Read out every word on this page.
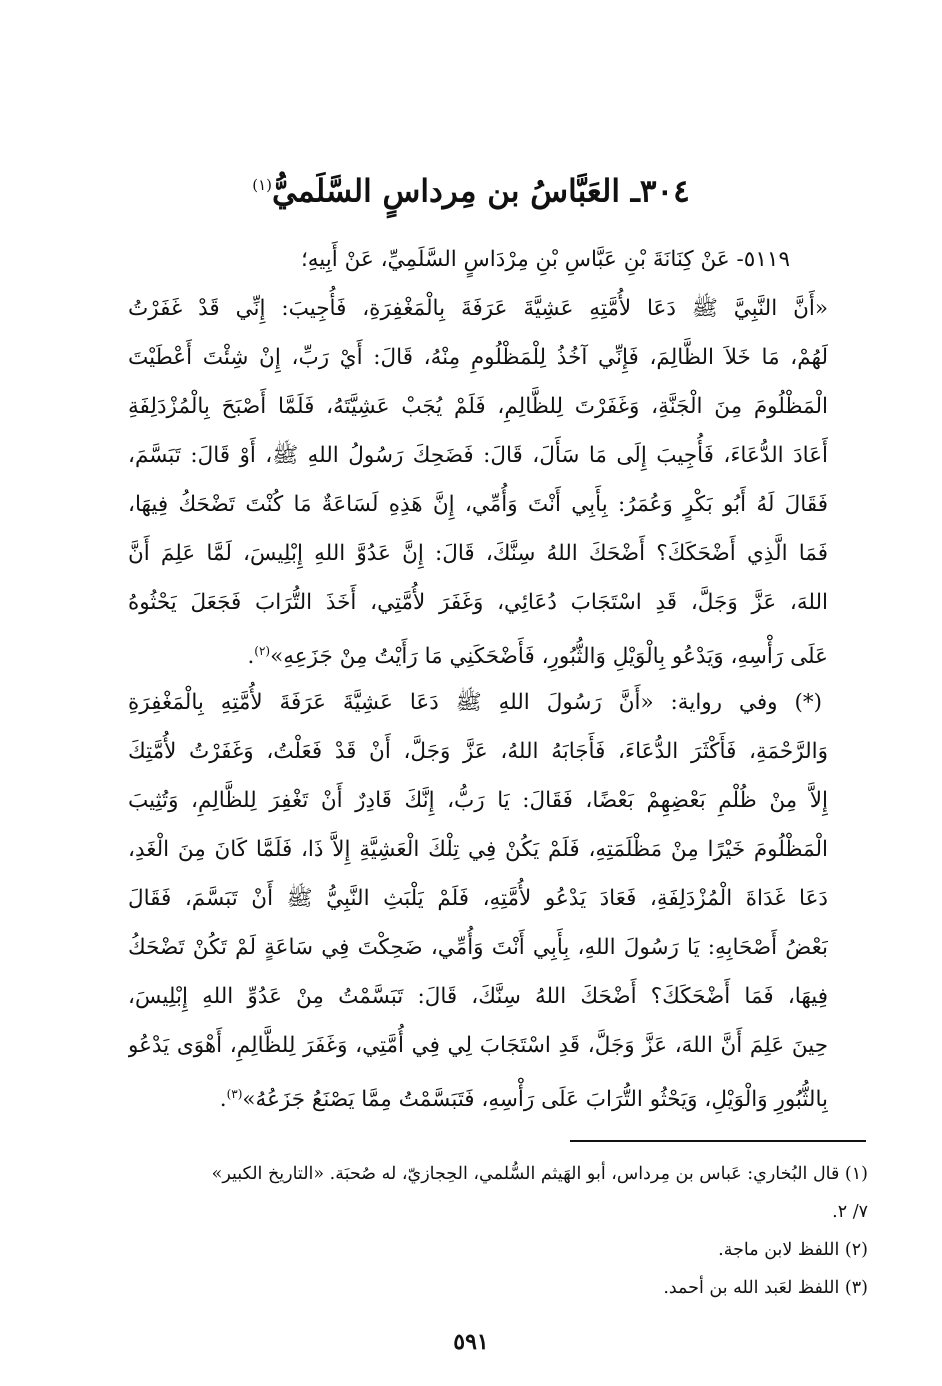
٣٠٤ـ العَبَّاسُ بن مِرداسٍ السَّلَميُّ$^{(١)}$
٥١١٩- عَنْ كِنَانَةَ بْنِ عَبَّاسِ بْنِ مِرْدَاسٍ السَّلَمِيِّ، عَنْ أَبِيهِ؛
«أَنَّ النَّبِيَّ ﷺ دَعَا لأُمَّتِهِ عَشِيَّةَ عَرَفَةَ بِالْمَغْفِرَةِ، فَأُجِيبَ: إِنِّي قَدْ غَفَرْتُ
لَهُمْ، مَا خَلاَ الظَّالِمَ، فَإِنِّي آخُذُ لِلْمَظْلُومِ مِنْهُ، قَالَ: أَيْ رَبِّ، إِنْ شِئْتَ أَعْطَيْتَ
الْمَظْلُومَ مِنَ الْجَنَّةِ، وَغَفَرْتَ لِلظَّالِمِ، فَلَمْ يُجَبْ عَشِيَّتَهُ، فَلَمَّا أَصْبَحَ بِالْمُزْدَلِفَةِ
أَعَادَ الدُّعَاءَ، فَأُجِيبَ إِلَى مَا سَأَلَ، قَالَ: فَضَحِكَ رَسُولُ اللهِ ﷺ، أَوْ قَالَ: تَبَسَّمَ،
فَقَالَ لَهُ أَبُو بَكْرٍ وَعُمَرُ: بِأَبِي أَنْتَ وَأُمِّي، إِنَّ هَذِهِ لَسَاعَةٌ مَا كُنْتَ تَضْحَكُ فِيهَا،
فَمَا الَّذِي أَضْحَكَكَ؟ أَضْحَكَ اللهُ سِنَّكَ، قَالَ: إِنَّ عَدُوَّ اللهِ إِبْلِيسَ، لَمَّا عَلِمَ أَنَّ
اللهَ، عَزَّ وَجَلَّ، قَدِ اسْتَجَابَ دُعَائِي، وَغَفَرَ لأُمَّتِي، أَخَذَ التُّرَابَ فَجَعَلَ يَحْثُوهُ
عَلَى رَأْسِهِ، وَيَدْعُو بِالْوَيْلِ وَالثُّبُورِ، فَأَضْحَكَنِي مَا رَأَيْتُ مِنْ جَزَعِهِ»$^{(٢)}$.
(*) وفي رواية: «أَنَّ رَسُولَ اللهِ ﷺ دَعَا عَشِيَّةَ عَرَفَةَ لأُمَّتِهِ بِالْمَغْفِرَةِ
وَالرَّحْمَةِ، فَأَكْثَرَ الدُّعَاءَ، فَأَجَابَهُ اللهُ، عَزَّ وَجَلَّ، أَنْ قَدْ فَعَلْتُ، وَغَفَرْتُ لأُمَّتِكَ
إِلاَّ مِنْ ظُلْمِ بَعْضِهِمْ بَعْضًا، فَقَالَ: يَا رَبُّ، إِنَّكَ قَادِرٌ أَنْ تَغْفِرَ لِلظَّالِمِ، وَتُثِيبَ
الْمَظْلُومَ خَيْرًا مِنْ مَظْلَمَتِهِ، فَلَمْ يَكُنْ فِي تِلْكَ الْعَشِيَّةِ إِلاَّ ذَا، فَلَمَّا كَانَ مِنَ الْغَدِ،
دَعَا غَدَاةَ الْمُزْدَلِفَةِ، فَعَادَ يَدْعُو لأُمَّتِهِ، فَلَمْ يَلْبَثِ النَّبِيُّ ﷺ أَنْ تَبَسَّمَ، فَقَالَ
بَعْضُ أَصْحَابِهِ: يَا رَسُولَ اللهِ، بِأَبِي أَنْتَ وَأُمِّي، ضَحِكْتَ فِي سَاعَةٍ لَمْ تَكُنْ تَضْحَكُ
فِيهَا، فَمَا أَضْحَكَكَ؟ أَضْحَكَ اللهُ سِنَّكَ، قَالَ: تَبَسَّمْتُ مِنْ عَدُوِّ اللهِ إِبْلِيسَ،
حِينَ عَلِمَ أَنَّ اللهَ، عَزَّ وَجَلَّ، قَدِ اسْتَجَابَ لِي فِي أُمَّتِي، وَغَفَرَ لِلظَّالِمِ، أَهْوَى يَدْعُو
بِالثُّبُورِ وَالْوَيْلِ، وَيَحْثُو التُّرَابَ عَلَى رَأْسِهِ، فَتَبَسَّمْتُ مِمَّا يَصْنَعُ جَزَعُهُ»$^{(٣)}$.
(١) قال البُخاري: عَباس بن مِرداس، أبو الهَيثم السُّلمي، الحِجازيّ، له صُحبَة. «التاريخ الكبير»
٧/ ٢.
(٢) اللفظ لابن ماجة.
(٣) اللفظ لعَبد الله بن أحمد.
٥٩١
